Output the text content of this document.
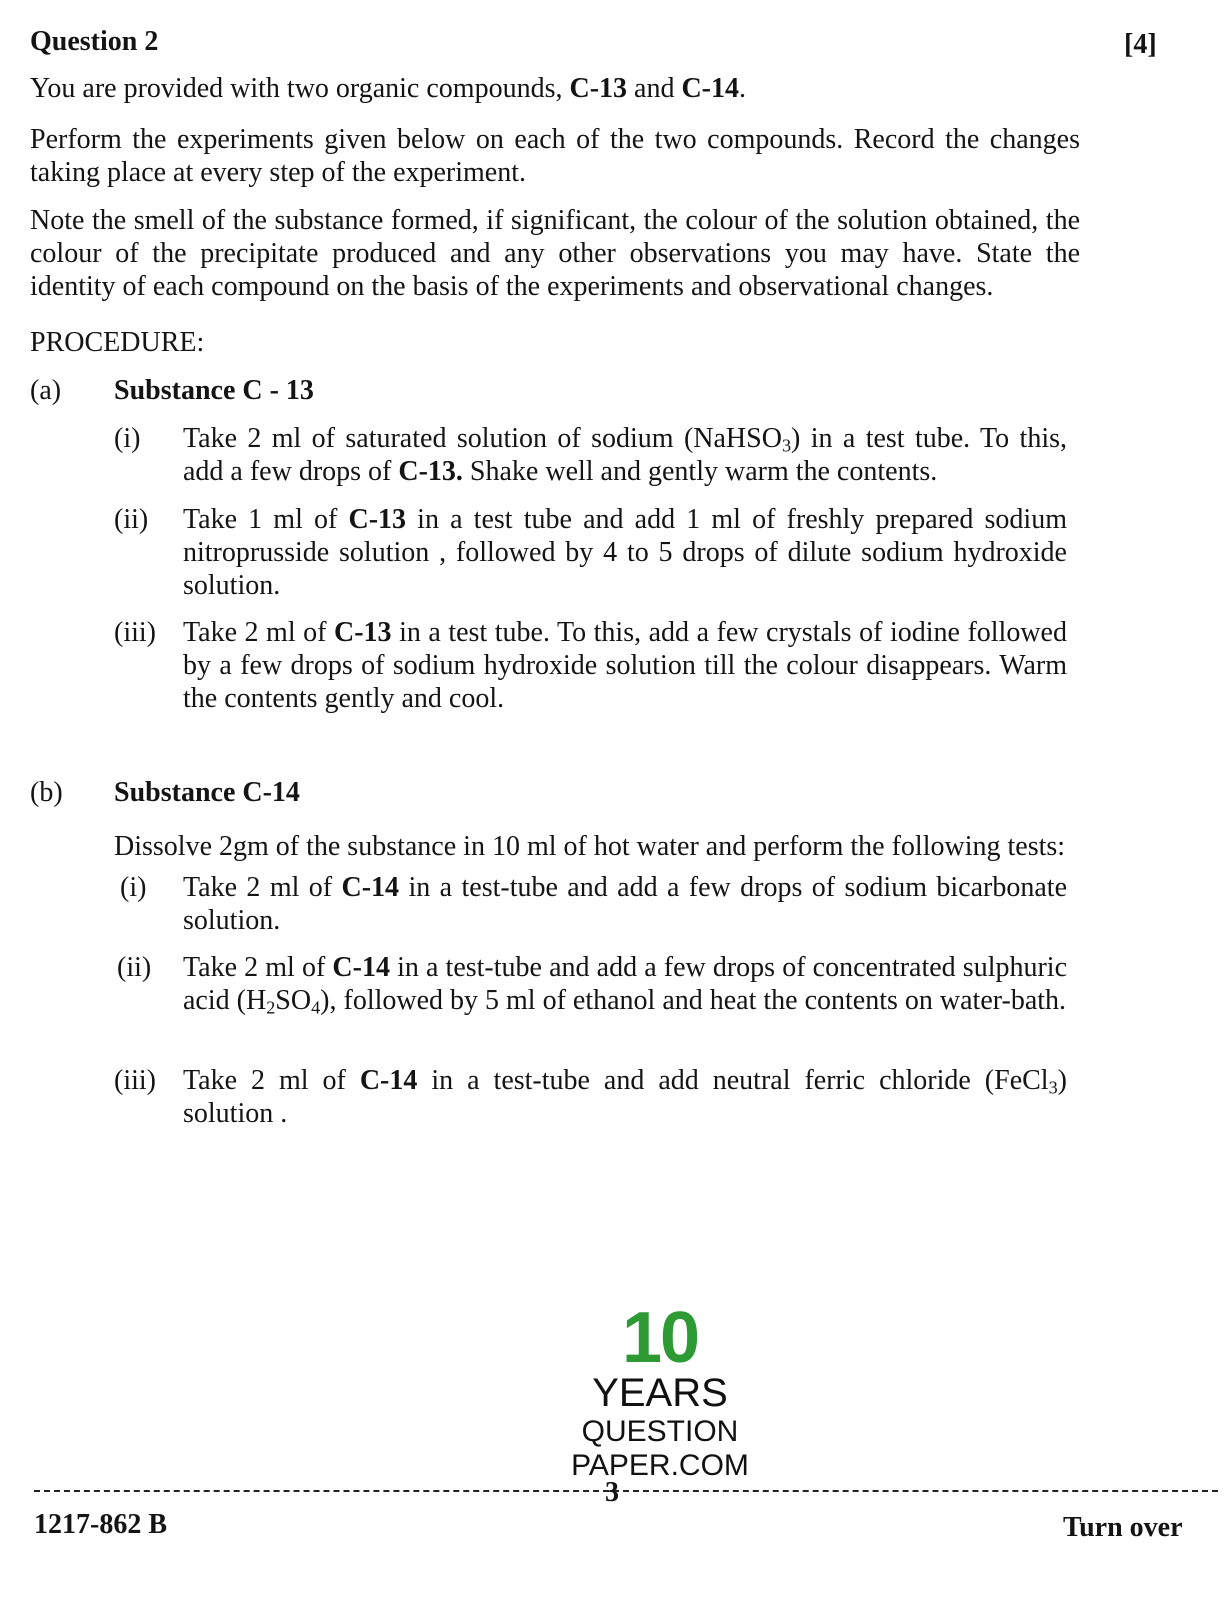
Question 2	[4]
You are provided with two organic compounds, C-13 and C-14.
Perform the experiments given below on each of the two compounds. Record the changes taking place at every step of the experiment.
Note the smell of the substance formed, if significant, the colour of the solution obtained, the colour of the precipitate produced and any other observations you may have. State the identity of each compound on the basis of the experiments and observational changes.
PROCEDURE:
(a) Substance C - 13
(i) Take 2 ml of saturated solution of sodium (NaHSO$_3$) in a test tube. To this, add a few drops of C-13. Shake well and gently warm the contents.
(ii) Take 1 ml of C-13 in a test tube and add 1 ml of freshly prepared sodium nitroprusside solution , followed by 4 to 5 drops of dilute sodium hydroxide solution.
(iii) Take 2 ml of C-13 in a test tube. To this, add a few crystals of iodine followed by a few drops of sodium hydroxide solution till the colour disappears. Warm the contents gently and cool.
(b) Substance C-14
Dissolve 2gm of the substance in 10 ml of hot water and perform the following tests:
(i) Take 2 ml of C-14 in a test-tube and add a few drops of sodium bicarbonate solution.
(ii) Take 2 ml of C-14 in a test-tube and add a few drops of concentrated sulphuric acid $(H_2SO_4)$, followed by 5 ml of ethanol and heat the contents on water-bath.
(iii) Take 2 ml of C-14 in a test-tube and add neutral ferric chloride (FeCl$_3$) solution .
10
YEARS
QUESTION PAPER.COM
3
1217-862 B	Turn over
